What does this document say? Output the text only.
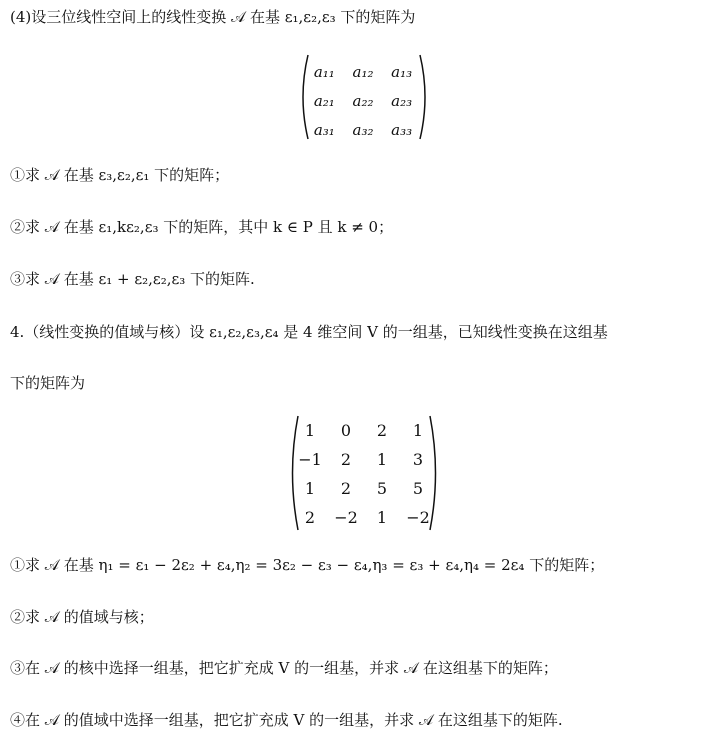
(4)设三位线性空间上的线性变换 𝒜 在基 ε₁,ε₂,ε₃ 下的矩阵为
a₁₁	a₁₂	a₁₃
a₂₁	a₂₂	a₂₃
a₃₁	a₃₂	a₃₃
①求 𝒜 在基 ε₃,ε₂,ε₁ 下的矩阵；
②求 𝒜 在基 ε₁,kε₂,ε₃ 下的矩阵，其中 k ∈ P 且 k ≠ 0；
③求 𝒜 在基 ε₁ + ε₂,ε₂,ε₃ 下的矩阵.
4.（线性变换的值域与核）设 ε₁,ε₂,ε₃,ε₄ 是 4 维空间 V 的一组基，已知线性变换在这组基
下的矩阵为
1	0	2	1
−1	2	1	3
1	2	5	5
2	−2	1	−2
①求 𝒜 在基 η₁ = ε₁ − 2ε₂ + ε₄,η₂ = 3ε₂ − ε₃ − ε₄,η₃ = ε₃ + ε₄,η₄ = 2ε₄ 下的矩阵；
②求 𝒜 的值域与核；
③在 𝒜 的核中选择一组基，把它扩充成 V 的一组基，并求 𝒜 在这组基下的矩阵；
④在 𝒜 的值域中选择一组基，把它扩充成 V 的一组基，并求 𝒜 在这组基下的矩阵.
